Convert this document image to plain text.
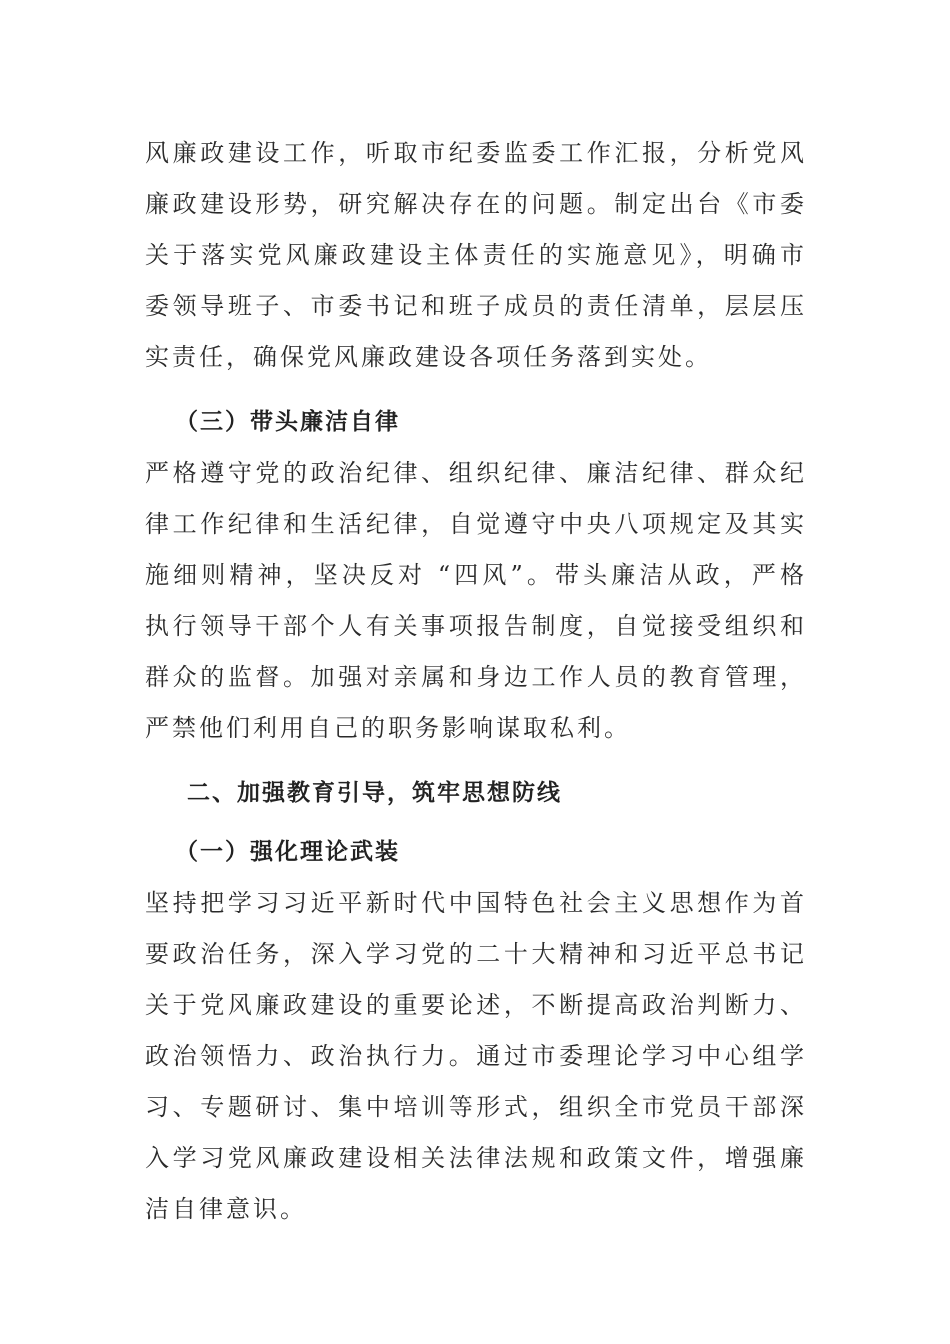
风廉政建设工作，听取市纪委监委工作汇报，分析党风廉政建设形势，研究解决存在的问题。制定出台《市委关于落实党风廉政建设主体责任的实施意见》，明确市委领导班子、市委书记和班子成员的责任清单，层层压实责任，确保党风廉政建设各项任务落到实处。

（三）带头廉洁自律

严格遵守党的政治纪律、组织纪律、廉洁纪律、群众纪律工作纪律和生活纪律，自觉遵守中央八项规定及其实施细则精神，坚决反对 “四风”。带头廉洁从政，严格执行领导干部个人有关事项报告制度，自觉接受组织和群众的监督。加强对亲属和身边工作人员的教育管理，严禁他们利用自己的职务影响谋取私利。

二、加强教育引导，筑牢思想防线

（一）强化理论武装

坚持把学习习近平新时代中国特色社会主义思想作为首要政治任务，深入学习党的二十大精神和习近平总书记关于党风廉政建设的重要论述，不断提高政治判断力、政治领悟力、政治执行力。通过市委理论学习中心组学习、专题研讨、集中培训等形式，组织全市党员干部深入学习党风廉政建设相关法律法规和政策文件，增强廉洁自律意识。
